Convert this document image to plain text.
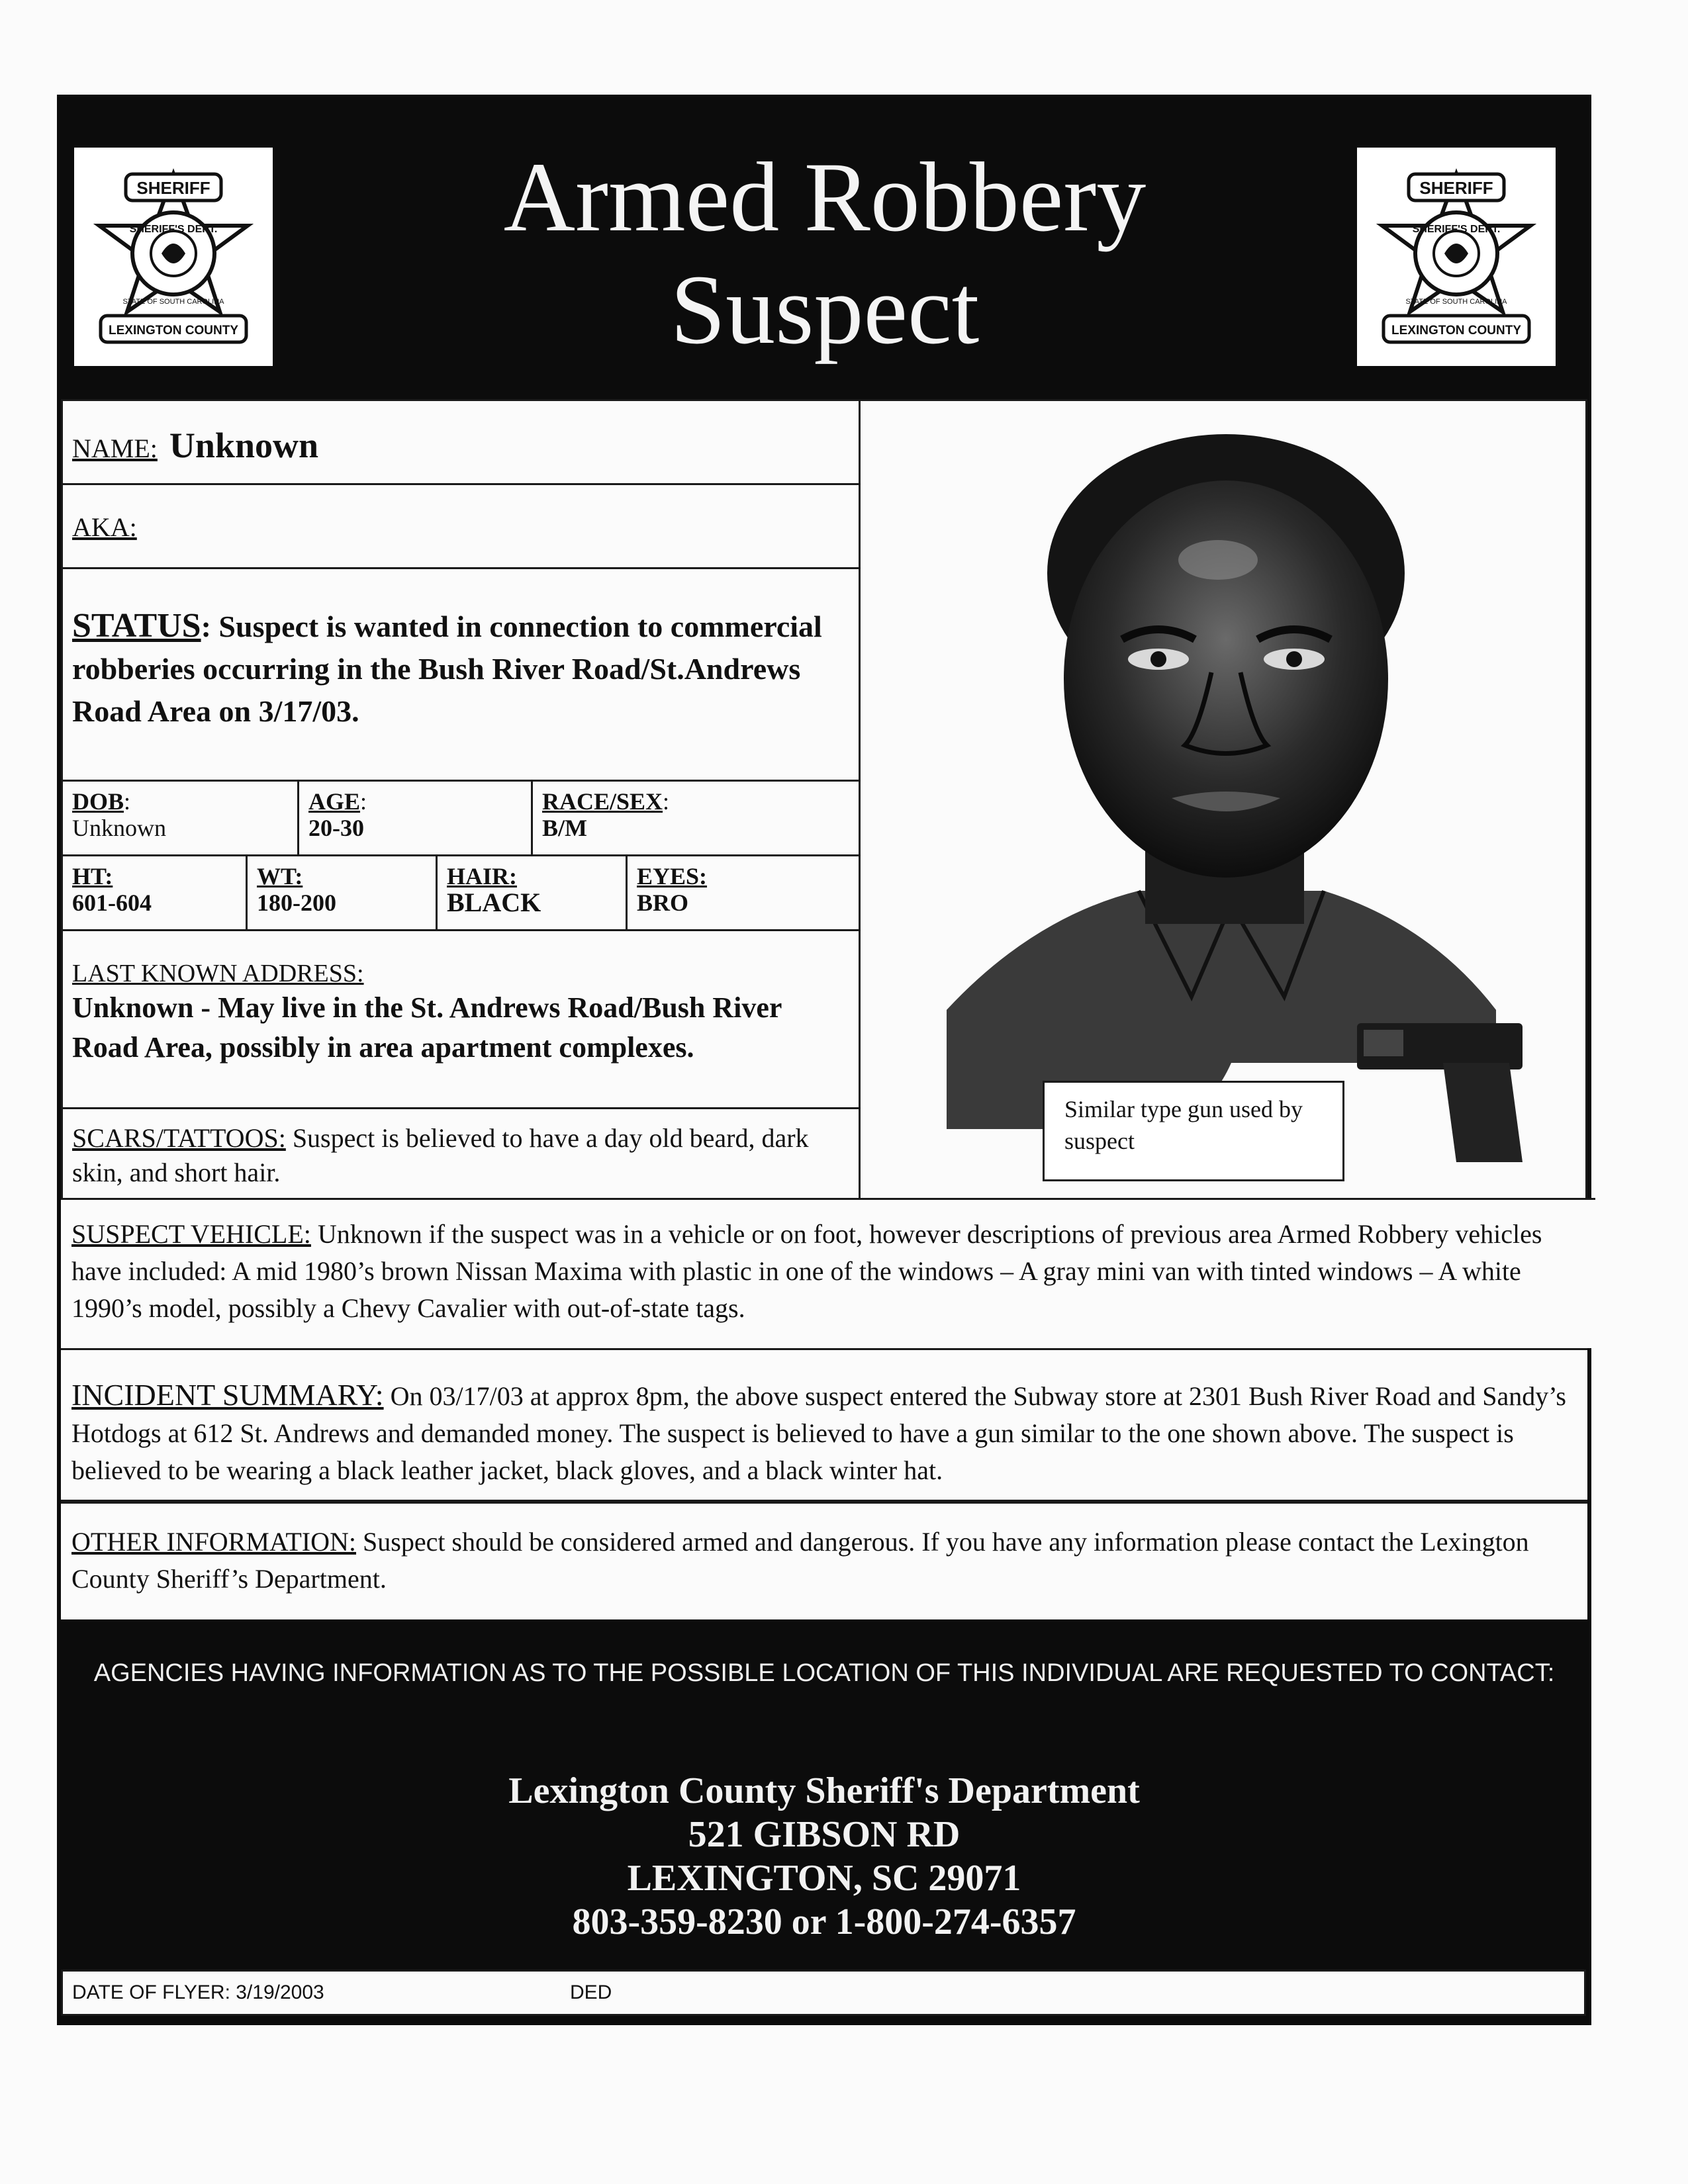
SHERIFF
SHERIFF'S DEPT.
STATE OF SOUTH CAROLINA
LEXINGTON COUNTY
Armed Robbery
Suspect
SHERIFF
SHERIFF'S DEPT.
STATE OF SOUTH CAROLINA
LEXINGTON COUNTY
NAME: Unknown
AKA:
STATUS: Suspect is wanted in connection to commercial robberies occurring in the Bush River Road/St.Andrews Road Area on 3/17/03.
DOB:
Unknown
AGE:
20-30
RACE/SEX:
B/M
HT:
601-604
WT:
180-200
HAIR:
BLACK
EYES:
BRO
LAST KNOWN ADDRESS:
Unknown - May live in the St. Andrews Road/Bush River Road Area, possibly in area apartment complexes.
SCARS/TATTOOS: Suspect is believed to have a day old beard, dark skin, and short hair.
Similar type gun used by suspect
SUSPECT VEHICLE: Unknown if the suspect was in a vehicle or on foot, however descriptions of previous area Armed Robbery vehicles have included: A mid 1980’s brown Nissan Maxima with plastic in one of the windows – A gray mini van with tinted windows – A white 1990’s model, possibly a Chevy Cavalier with out-of-state tags.
INCIDENT SUMMARY: On 03/17/03 at approx 8pm, the above suspect entered the Subway store at 2301 Bush River Road and Sandy’s Hotdogs at 612 St. Andrews and demanded money. The suspect is believed to have a gun similar to the one shown above. The suspect is believed to be wearing a black leather jacket, black gloves, and a black winter hat.
OTHER INFORMATION: Suspect should be considered armed and dangerous. If you have any information please contact the Lexington County Sheriff’s Department.
AGENCIES HAVING INFORMATION AS TO THE POSSIBLE LOCATION OF THIS INDIVIDUAL ARE REQUESTED TO CONTACT:
Lexington County Sheriff's Department
521 GIBSON RD
LEXINGTON, SC 29071
803-359-8230 or 1-800-274-6357
DATE OF FLYER: 3/19/2003	DED
